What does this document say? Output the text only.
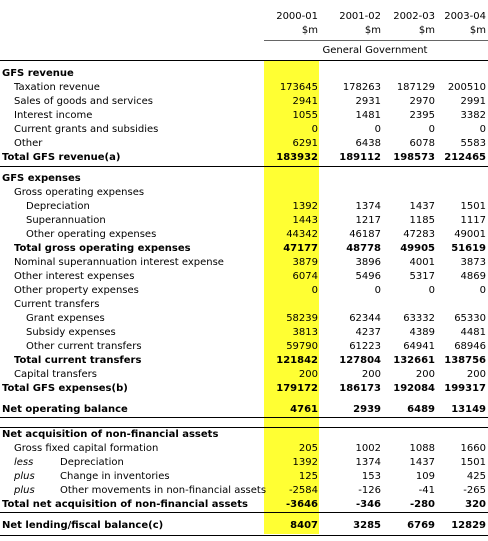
2000-01	2001-02	2002-03 2003-04
$m	$m	$m	$m
General Government
GFS revenue
Taxation revenue	173645	178263	187129	200510
Sales of goods and services	2941	2931	2970	2991
Interest income	1055	1481	2395	3382
Current grants and subsidies	0	0	0	0
Other	6291	6438	6078	5583
Total GFS revenue(a)	183932	189112	198573 212465
GFS expenses
Gross operating expenses
Depreciation	1392	1374	1437	1501
Superannuation	1443	1217	1185	1117
Other operating expenses	44342	46187	47283	49001
Total gross operating expenses	47177	48778	49905	51619
Nominal superannuation interest expense	3879	3896	4001	3873
Other interest expenses	6074	5496	5317	4869
Other property expenses	0	0	0	0
Current transfers
Grant expenses	58239	62344	63332	65330
Subsidy expenses	3813	4237	4389	4481
Other current transfers	59790	61223	64941	68946
Total current transfers	121842	127804	132661 138756
Capital transfers	200	200	200	200
Total GFS expenses(b)	179172	186173	192084 199317
Net operating balance	4761	2939	6489	13149
Net acquisition of non-financial assets
Gross fixed capital formation	205	1002	1088	1660
less	Depreciation	1392	1374	1437	1501
plus	Change in inventories	125	153	109	425
plus	Other movements in non-financial assets	-2584	-126	-41	-265
Total net acquisition of non-financial assets	-3646	-346	-280	320
Net lending/fiscal balance(c)	8407	3285	6769	12829
